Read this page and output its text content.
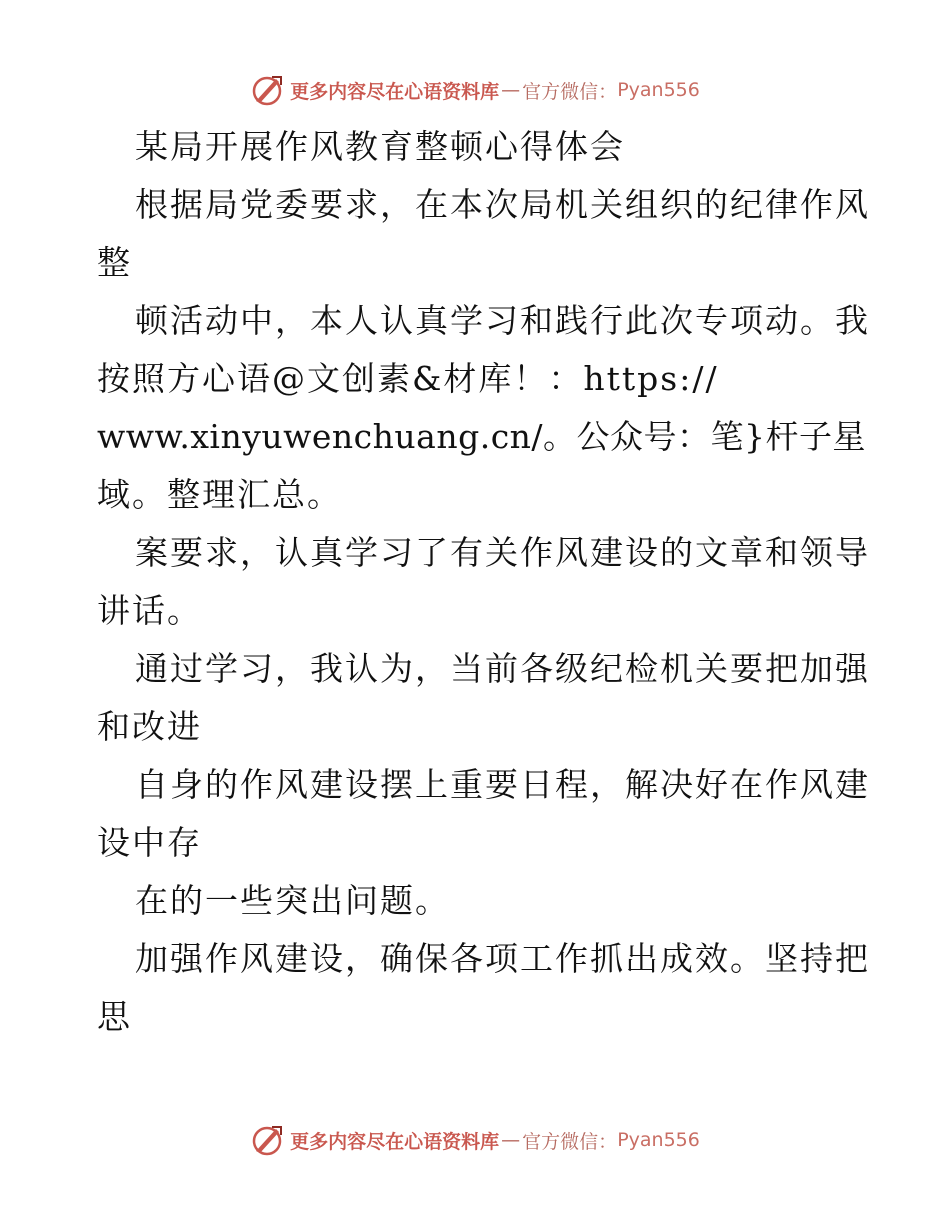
更多内容尽在心语资料库 — 官方微信： Pyan556
某局开展作风教育整顿心得体会
根据局党委要求，在本次局机关组织的纪律作风
整
顿活动中，本人认真学习和践行此次专项动。我
按照方心语@文创素&材库！：https://
www.xinyuwenchuang.cn/。公众号：笔}杆子星
域。整理汇总。
案要求，认真学习了有关作风建设的文章和领导
讲话。
通过学习，我认为，当前各级纪检机关要把加强
和改进
自身的作风建设摆上重要日程，解决好在作风建
设中存
在的一些突出问题。
加强作风建设，确保各项工作抓出成效。坚持把
思
更多内容尽在心语资料库 — 官方微信： Pyan556
